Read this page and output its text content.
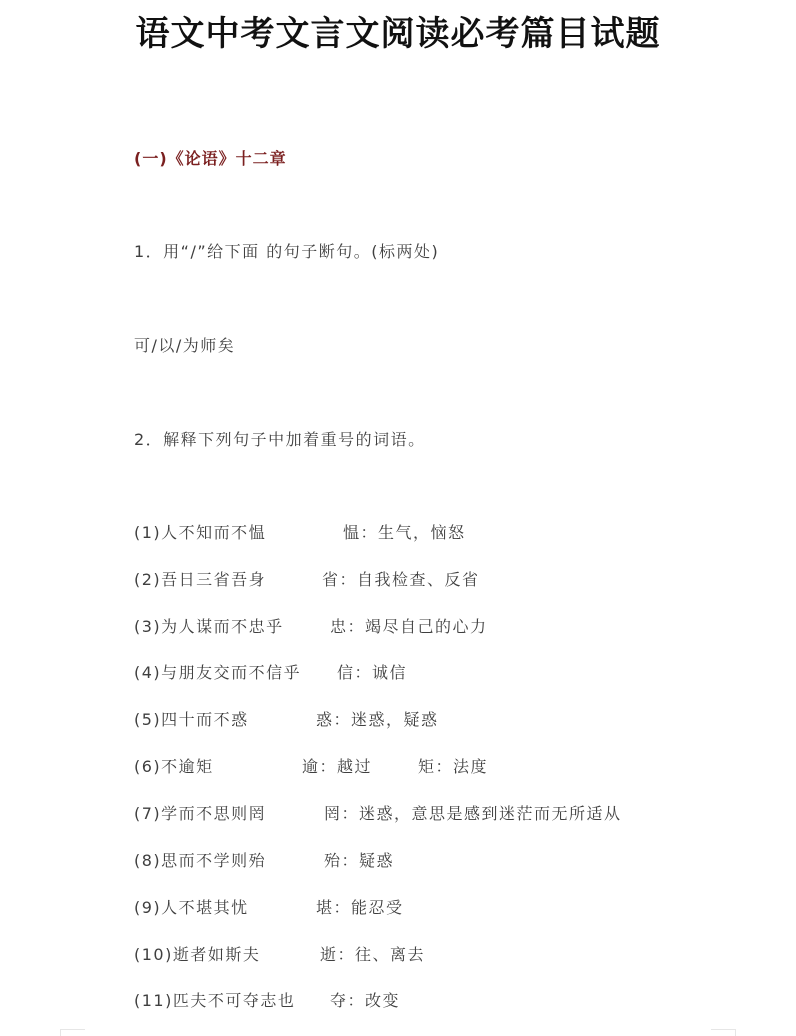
语文中考文言文阅读必考篇目试题
(一)《论语》十二章
1．用“/”给下面 的句子断句。(标两处)
可/以/为师矣
2．解释下列句子中加着重号的词语。
(1)人不知而不愠	愠：生气，恼怒
(2)吾日三省吾身	省：自我检查、反省
(3)为人谋而不忠乎	忠：竭尽自己的心力
(4)与朋友交而不信乎 信：诚信
(5)四十而不惑	惑：迷惑，疑惑
(6)不逾矩	逾：越过	矩：法度
(7)学而不思则罔	罔：迷惑，意思是感到迷茫而无所适从
(8)思而不学则殆	殆：疑惑
(9)人不堪其忧	堪：能忍受
(10)逝者如斯夫	逝：往、离去
(11)匹夫不可夺志也 夺：改变
